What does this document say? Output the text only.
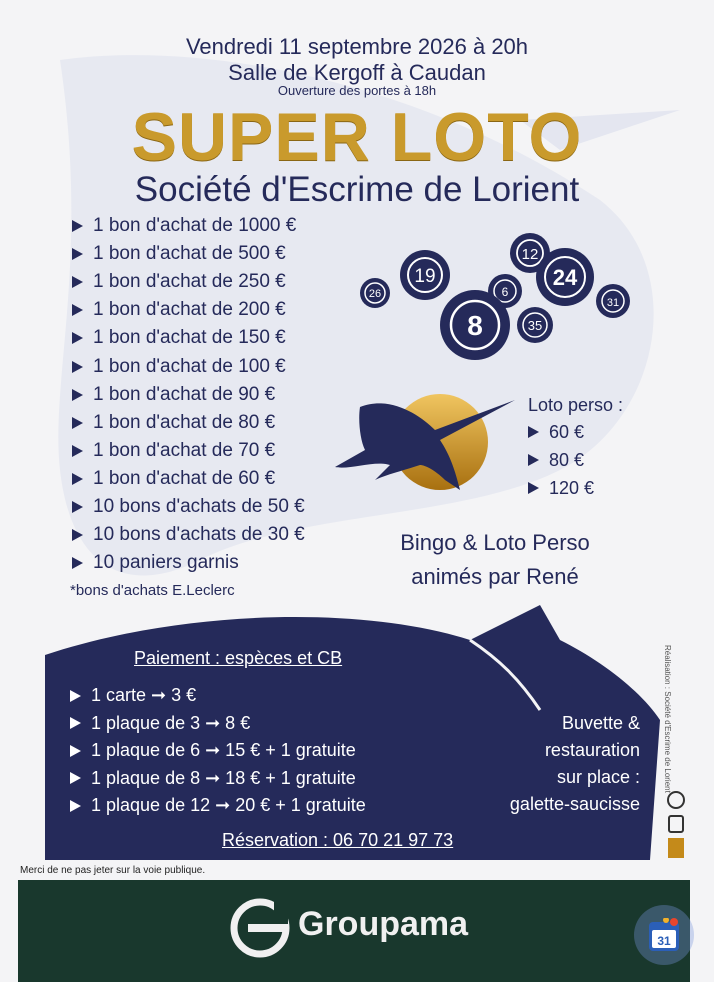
Vendredi 11 septembre 2026 à 20h
Salle de Kergoff à Caudan
Ouverture des portes à 18h
SUPER LOTO
Société d'Escrime de Lorient
1 bon d'achat de 1000 €
1 bon d'achat de 500 €
1 bon d'achat de 250 €
1 bon d'achat de 200 €
1 bon d'achat de 150 €
1 bon d'achat de 100 €
1 bon d'achat de 90 €
1 bon d'achat de 80 €
1 bon d'achat de 70 €
1 bon d'achat de 60 €
10 bons d'achats de 50 €
10 bons d'achats de 30 €
10 paniers garnis
*bons d'achats E.Leclerc
26
19
12
24
6
8	35
31
Loto perso :
60 €
80 €
120 €
Bingo & Loto Perso
animés par René
Paiement : espèces et CB
1 carte ➞ 3 €
1 plaque de 3 ➞ 8 €
1 plaque de 6 ➞ 15 € + 1 gratuite
1 plaque de 8 ➞ 18 € + 1 gratuite
1 plaque de 12 ➞ 20 € + 1 gratuite
Buvette &
restauration
sur place :
galette-saucisse
Réservation : 06 70 21 97 73
Réalisation : Société d'Escrime de Lorient
Merci de ne pas jeter sur la voie publique.
Groupama	31
